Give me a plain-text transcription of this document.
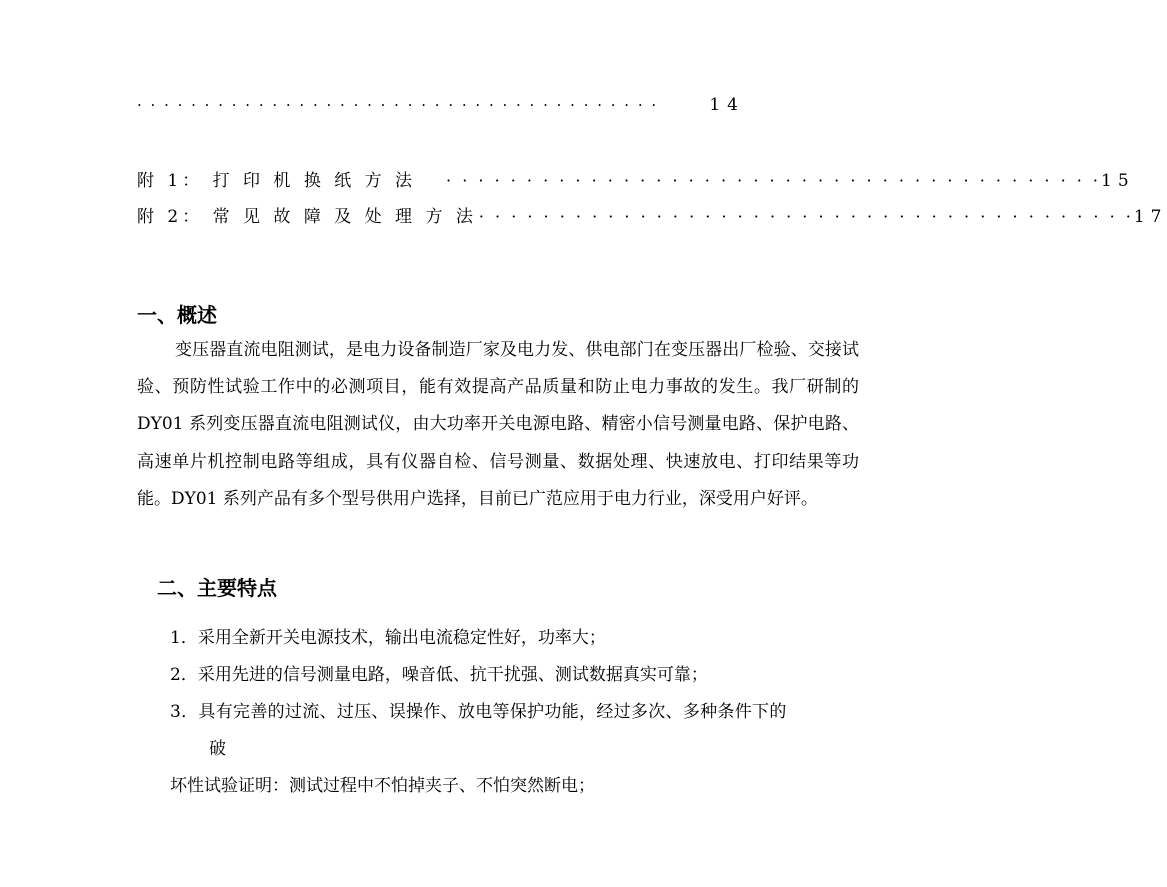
· · · · · · · · · · · · · · · · · · · · · · · · · · · · · · · · · · · · · · ·	14
附 1： 打 印 机 换 纸 方 法 · · · · · · · · · · · · · · · · · · · · · · · · · · · · · · · · · · · · · · · · · 15
附 2： 常 见 故 障 及 处 理 方 法 · · · · · · · · · · · · · · · · · · · · · · · · · · · · · · · · · · · · · · · · · 17
一、概述
变压器直流电阻测试，是电力设备制造厂家及电力发、供电部门在变压器出厂检验、交接试验、预防性试验工作中的必测项目，能有效提高产品质量和防止电力事故的发生。我厂研制的 DY01 系列变压器直流电阻测试仪，由大功率开关电源电路、精密小信号测量电路、保护电路、高速单片机控制电路等组成，具有仪器自检、信号测量、数据处理、快速放电、打印结果等功能。DY01 系列产品有多个型号供用户选择，目前已广范应用于电力行业，深受用户好评。
二、主要特点
1．采用全新开关电源技术，输出电流稳定性好，功率大；
2．采用先进的信号测量电路，噪音低、抗干扰强、测试数据真实可靠；
3．具有完善的过流、过压、误操作、放电等保护功能，经过多次、多种条件下的
破
坏性试验证明：测试过程中不怕掉夹子、不怕突然断电；
